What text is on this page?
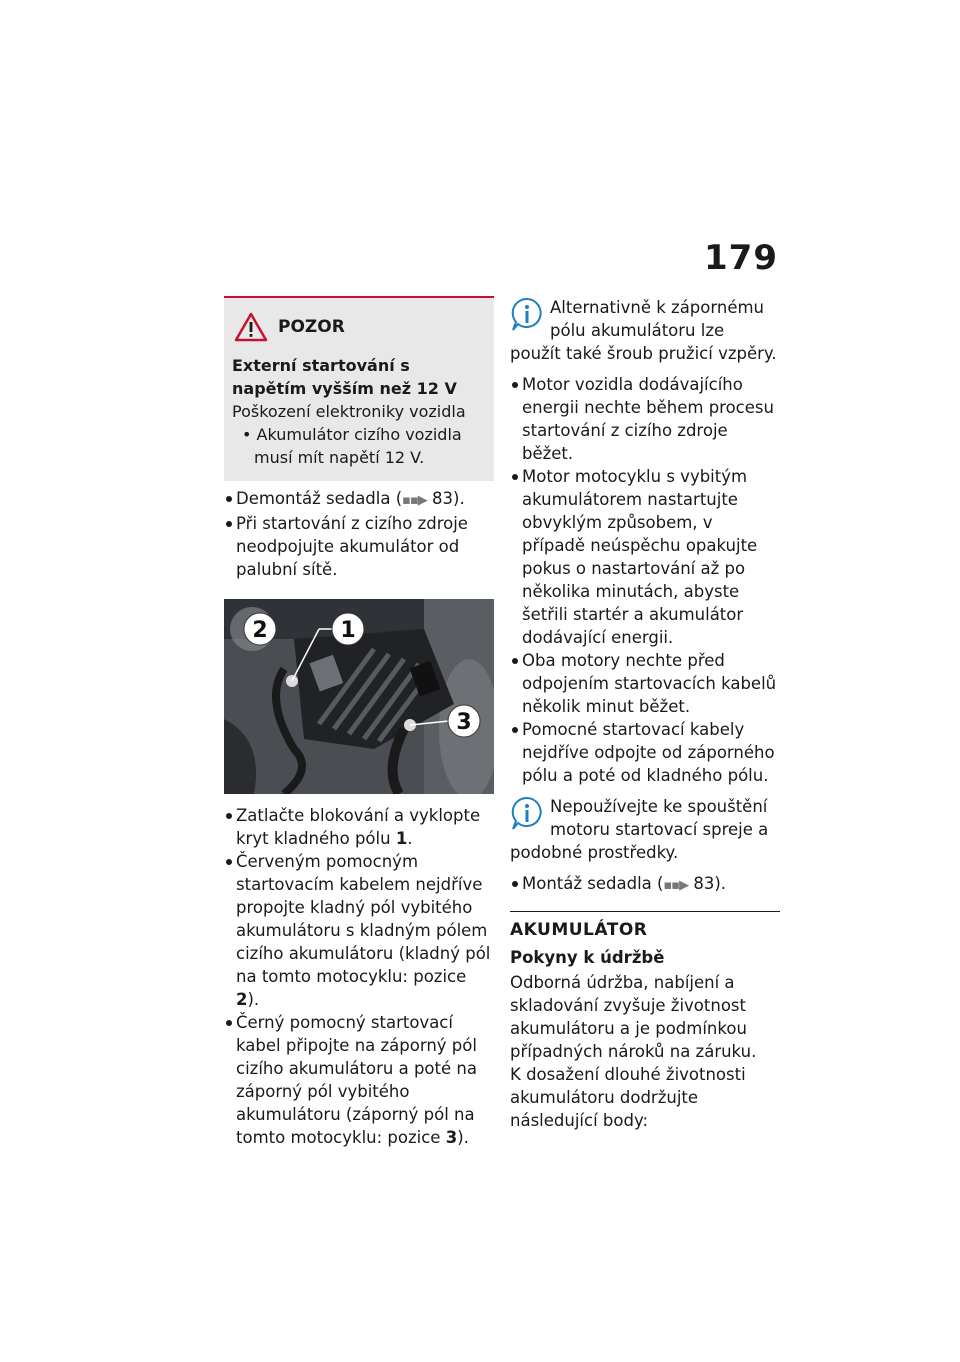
179
POZOR
Externí startování s napětím vyšším než 12 V
Poškození elektroniky vozidla
• Akumulátor cizího vozidla musí mít napětí 12 V.
Demontáž sedadla (▪▪▶ 83).
Při startování z cizího zdroje neodpojujte akumulátor od palubní sítě.
2	1
3
Zatlačte blokování a vyklopte kryt kladného pólu 1.
Červeným pomocným startovacím kabelem nejdříve propojte kladný pól vybitého akumulátoru s kladným pólem cizího akumulátoru (kladný pól na tomto motocyklu: pozice 2).
Černý pomocný startovací kabel připojte na záporný pól cizího akumulátoru a poté na záporný pól vybitého akumulátoru (záporný pól na tomto motocyklu: pozice 3).
Alternativně k zápornému pólu akumulátoru lze použít také šroub pružicí vzpěry.
Motor vozidla dodávajícího energii nechte během procesu startování z cizího zdroje běžet.
Motor motocyklu s vybitým akumulátorem nastartujte obvyklým způsobem, v případě neúspěchu opakujte pokus o nastartování až po několika minutách, abyste šetřili startér a akumulátor dodávající energii.
Oba motory nechte před odpojením startovacích kabelů několik minut běžet.
Pomocné startovací kabely nejdříve odpojte od záporného pólu a poté od kladného pólu.
Nepoužívejte ke spouštění motoru startovací spreje a podobné prostředky.
Montáž sedadla (▪▪▶ 83).
AKUMULÁTOR
Pokyny k údržbě

Odborná údržba, nabíjení a skladování zvyšuje životnost akumulátoru a je podmínkou případných nároků na záruku.

K dosažení dlouhé životnosti akumulátoru dodržujte následující body:
